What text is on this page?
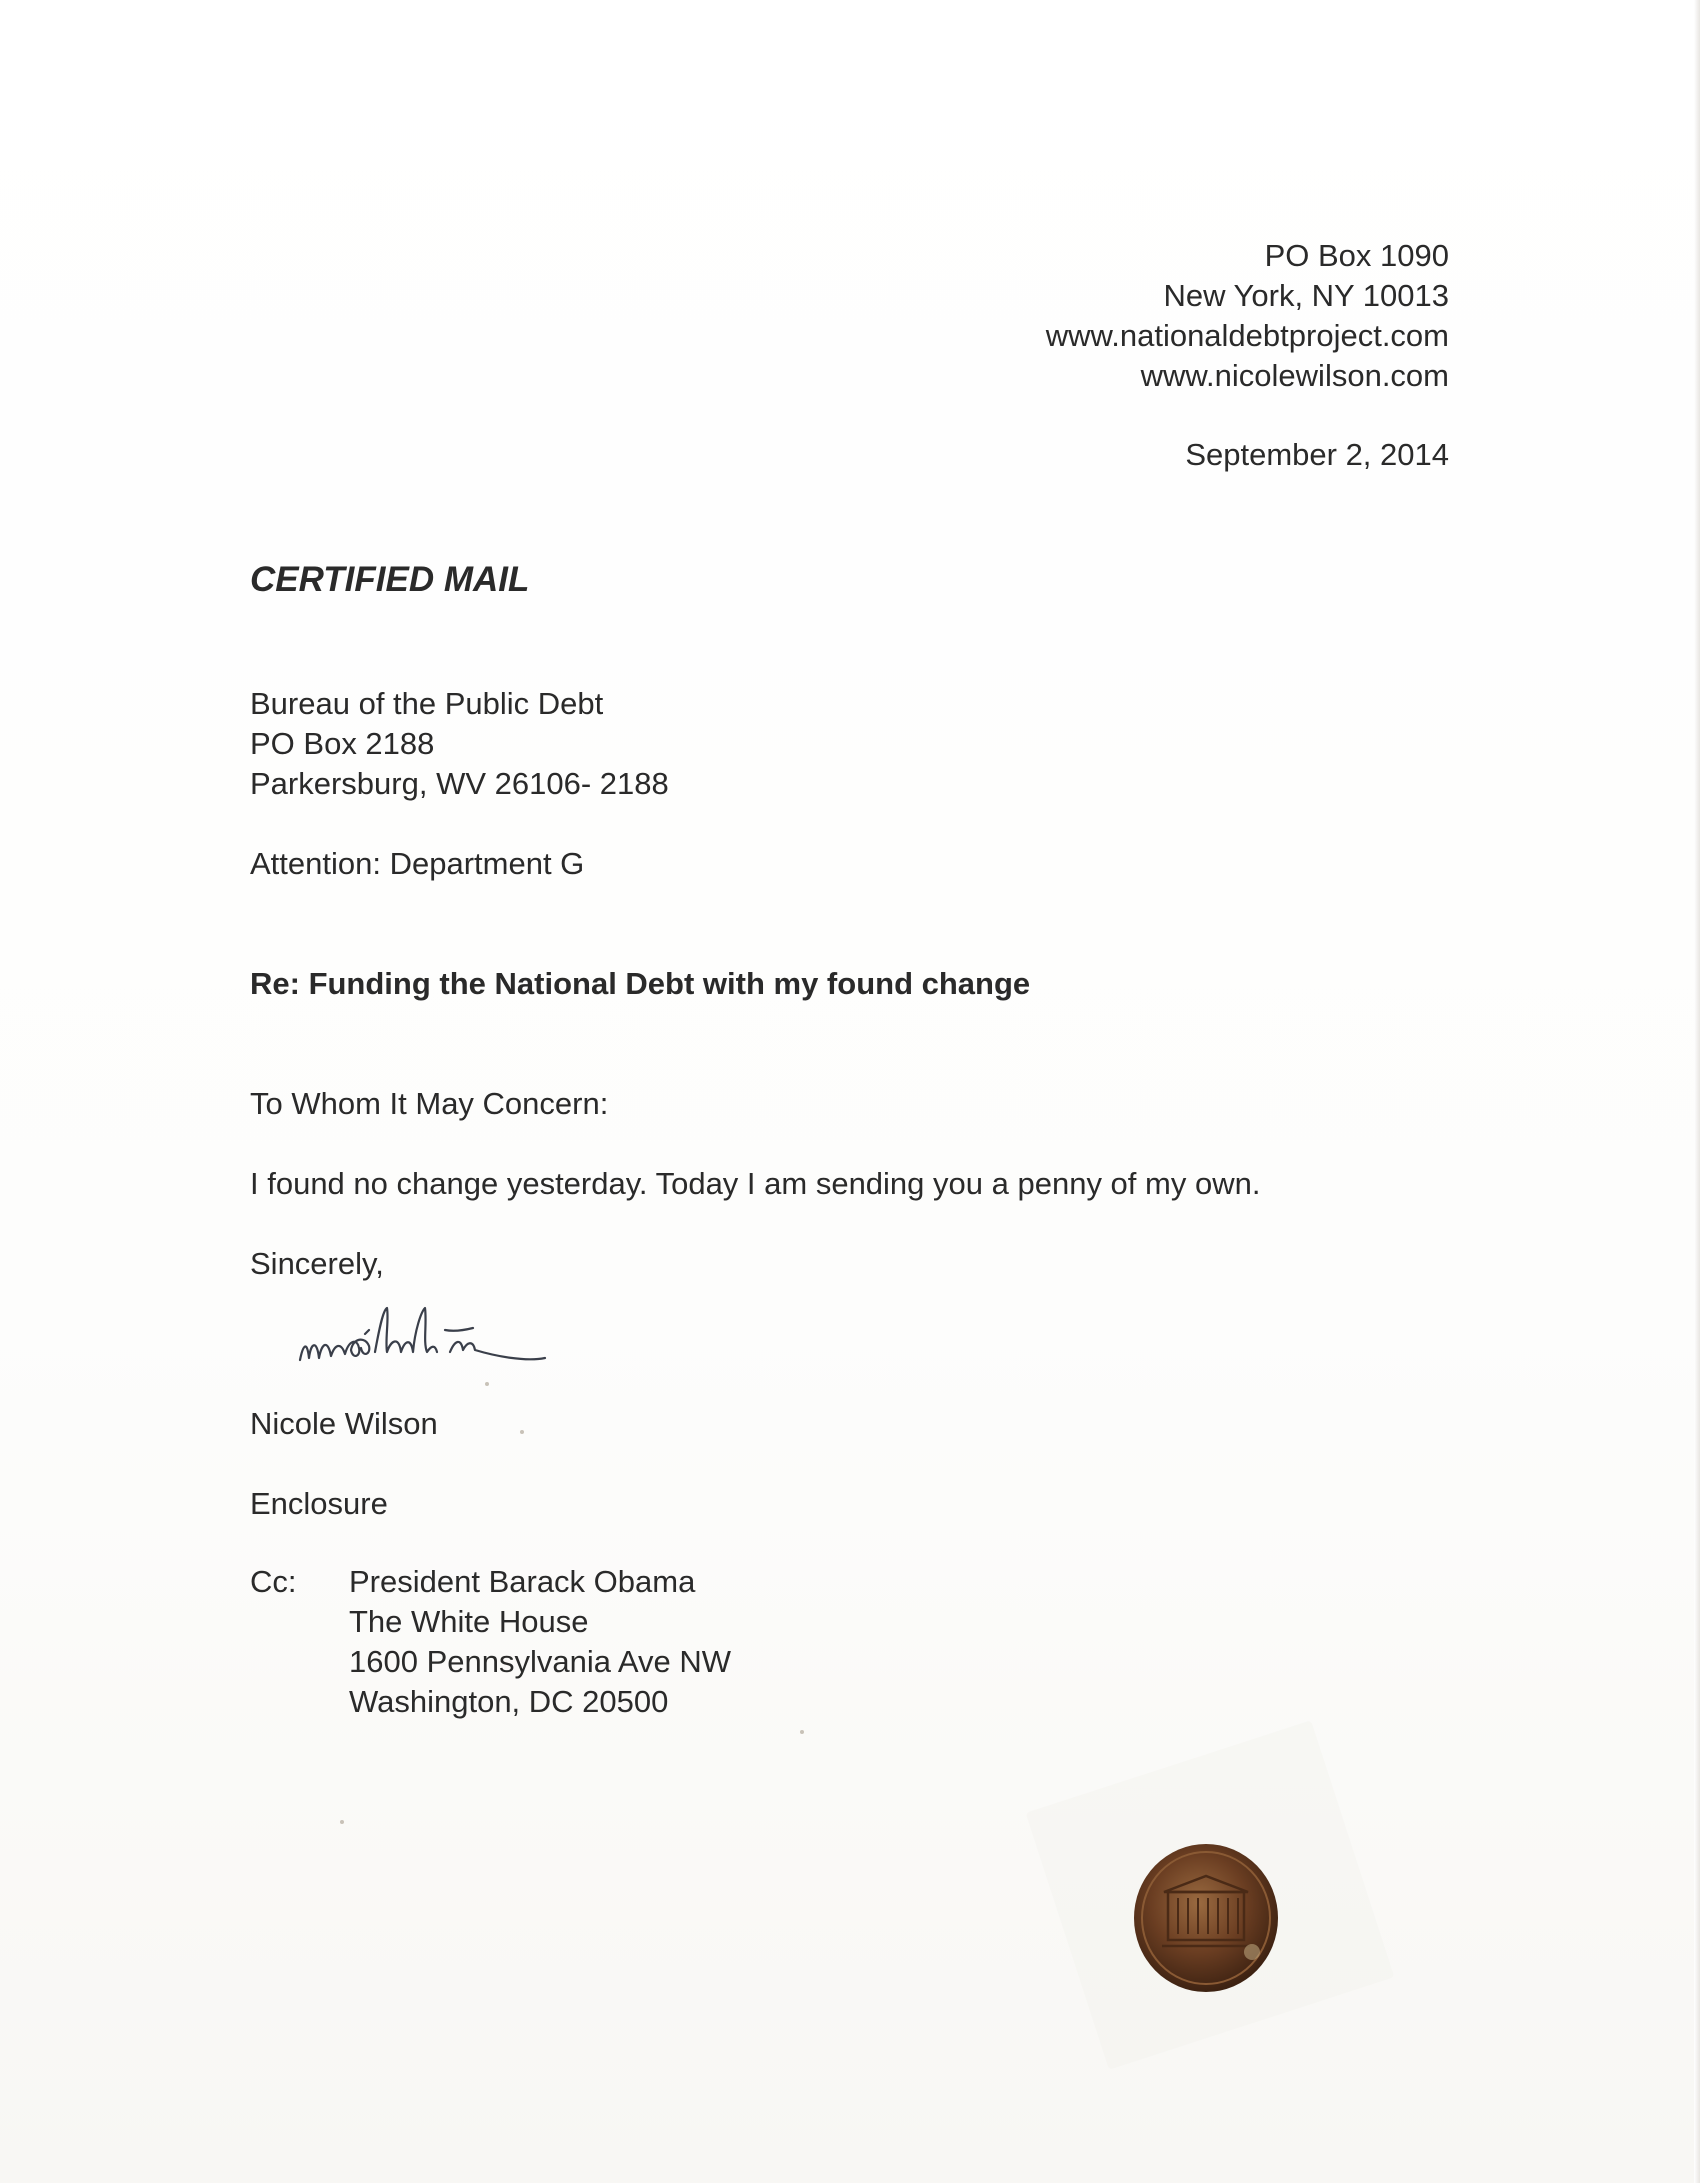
PO Box 1090
New York, NY 10013
www.nationaldebtproject.com
www.nicolewilson.com
September 2, 2014
CERTIFIED MAIL
Bureau of the Public Debt
PO Box 2188
Parkersburg, WV 26106- 2188
Attention: Department G
Re: Funding the National Debt with my found change
To Whom It May Concern:
I found no change yesterday. Today I am sending you a penny of my own.
Sincerely,
Nicole Wilson
Enclosure
Cc: President Barack Obama
The White House
1600 Pennsylvania Ave NW
Washington, DC 20500
